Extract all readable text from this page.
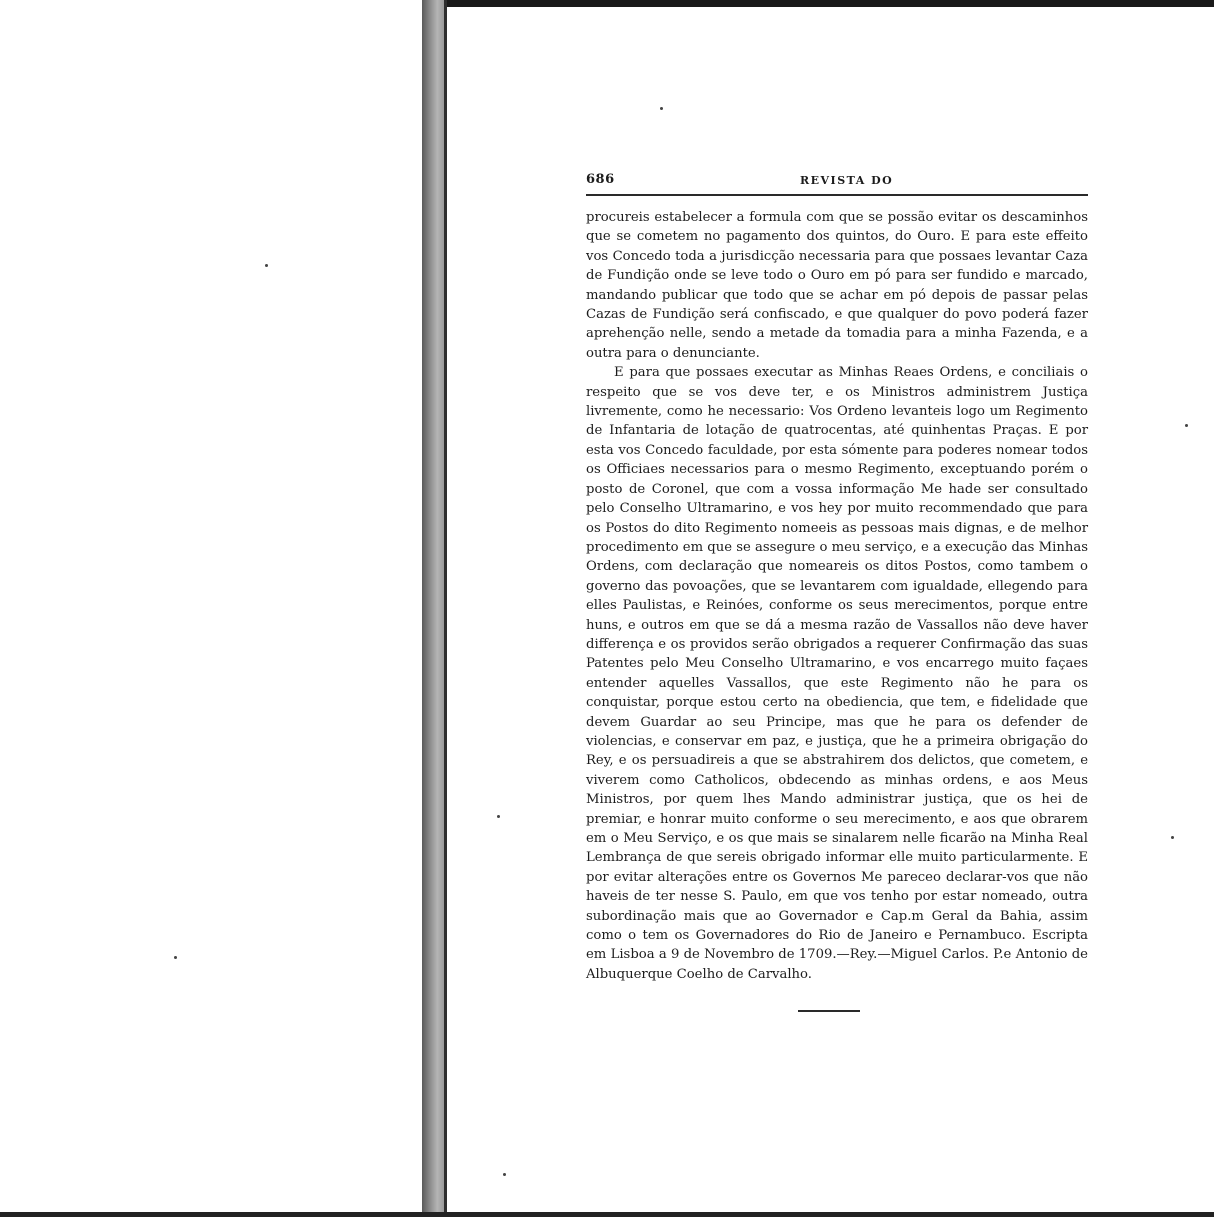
686	REVISTA DO

procureis estabelecer a formula com que se possão evitar os descaminhos que se cometem no pagamento dos quintos, do Ouro. E para este effeito vos Concedo toda a jurisdicção necessaria para que possaes levantar Caza de Fundição onde se leve todo o Ouro em pó para ser fundido e marcado, mandando publicar que todo que se achar em pó depois de passar pelas Cazas de Fundição será confiscado, e que qualquer do povo poderá fazer aprehenção nelle, sendo a metade da tomadia para a minha Fazenda, e a outra para o denunciante.

E para que possaes executar as Minhas Reaes Ordens, e conciliais o respeito que se vos deve ter, e os Ministros administrem Justiça livremente, como he necessario: Vos Ordeno levanteis logo um Regimento de Infantaria de lotação de quatrocentas, até quinhentas Praças. E por esta vos Concedo faculdade, por esta sómente para poderes nomear todos os Officiaes necessarios para o mesmo Regimento, exceptuando porém o posto de Coronel, que com a vossa informação Me hade ser consultado pelo Conselho Ultramarino, e vos hey por muito recommendado que para os Postos do dito Regimento nomeeis as pessoas mais dignas, e de melhor procedimento em que se assegure o meu serviço, e a execução das Minhas Ordens, com declaração que nomeareis os ditos Postos, como tambem o governo das povoações, que se levantarem com igualdade, ellegendo para elles Paulistas, e Reinóes, conforme os seus merecimentos, porque entre huns, e outros em que se dá a mesma razão de Vassallos não deve haver differença e os providos serão obrigados a requerer Confirmação das suas Patentes pelo Meu Conselho Ultramarino, e vos encarrego muito façaes entender aquelles Vassallos, que este Regimento não he para os conquistar, porque estou certo na obediencia, que tem, e fidelidade que devem Guardar ao seu Principe, mas que he para os defender de violencias, e conservar em paz, e justiça, que he a primeira obrigação do Rey, e os persuadireis a que se abstrahirem dos delictos, que cometem, e viverem como Catholicos, obdecendo as minhas ordens, e aos Meus Ministros, por quem lhes Mando administrar justiça, que os hei de premiar, e honrar muito conforme o seu merecimento, e aos que obrarem em o Meu Serviço, e os que mais se sinalarem nelle ficarão na Minha Real Lembrança de que sereis obrigado informar elle muito particularmente. E por evitar alterações entre os Governos Me pareceo declarar-vos que não haveis de ter nesse S. Paulo, em que vos tenho por estar nomeado, outra subordinação mais que ao Governador e Cap.m Geral da Bahia, assim como o tem os Governadores do Rio de Janeiro e Pernambuco. Escripta em Lisboa a 9 de Novembro de 1709.—Rey.—Miguel Carlos. P.e Antonio de Albuquerque Coelho de Carvalho.
